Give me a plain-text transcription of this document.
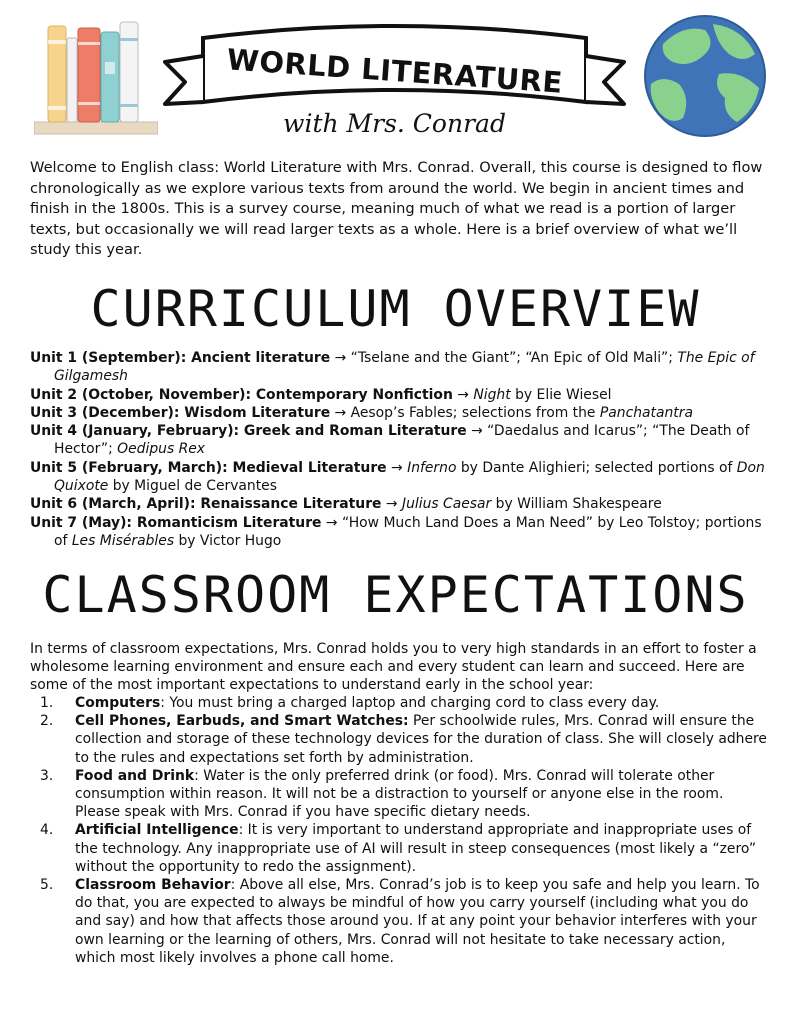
WORLD LITERATURE
with Mrs. Conrad

Welcome to English class: World Literature with Mrs. Conrad. Overall, this course is designed to flow chronologically as we explore various texts from around the world. We begin in ancient times and finish in the 1800s. This is a survey course, meaning much of what we read is a portion of larger texts, but occasionally we will read larger texts as a whole. Here is a brief overview of what we’ll study this year.

CURRICULUM OVERVIEW
Unit 1 (September): Ancient literature → “Tselane and the Giant”; “An Epic of Old Mali”; The Epic of Gilgamesh
Unit 2 (October, November): Contemporary Nonfiction → Night by Elie Wiesel
Unit 3 (December): Wisdom Literature → Aesop’s Fables; selections from the Panchatantra
Unit 4 (January, February): Greek and Roman Literature → “Daedalus and Icarus”; “The Death of Hector”; Oedipus Rex
Unit 5 (February, March): Medieval Literature → Inferno by Dante Alighieri; selected portions of Don Quixote by Miguel de Cervantes
Unit 6 (March, April): Renaissance Literature → Julius Caesar by William Shakespeare
Unit 7 (May): Romanticism Literature → “How Much Land Does a Man Need” by Leo Tolstoy; portions of Les Misérables by Victor Hugo
CLASSROOM EXPECTATIONS

In terms of classroom expectations, Mrs. Conrad holds you to very high standards in an effort to foster a wholesome learning environment and ensure each and every student can learn and succeed. Here are some of the most important expectations to understand early in the school year:

1. Computers: You must bring a charged laptop and charging cord to class every day.
2. Cell Phones, Earbuds, and Smart Watches: Per schoolwide rules, Mrs. Conrad will ensure the collection and storage of these technology devices for the duration of class. She will closely adhere to the rules and expectations set forth by administration.
3. Food and Drink: Water is the only preferred drink (or food). Mrs. Conrad will tolerate other consumption within reason. It will not be a distraction to yourself or anyone else in the room. Please speak with Mrs. Conrad if you have specific dietary needs.
4. Artificial Intelligence: It is very important to understand appropriate and inappropriate uses of the technology. Any inappropriate use of AI will result in steep consequences (most likely a “zero” without the opportunity to redo the assignment).
5. Classroom Behavior: Above all else, Mrs. Conrad’s job is to keep you safe and help you learn. To do that, you are expected to always be mindful of how you carry yourself (including what you do and say) and how that affects those around you. If at any point your behavior interferes with your own learning or the learning of others, Mrs. Conrad will not hesitate to take necessary action, which most likely involves a phone call home.
